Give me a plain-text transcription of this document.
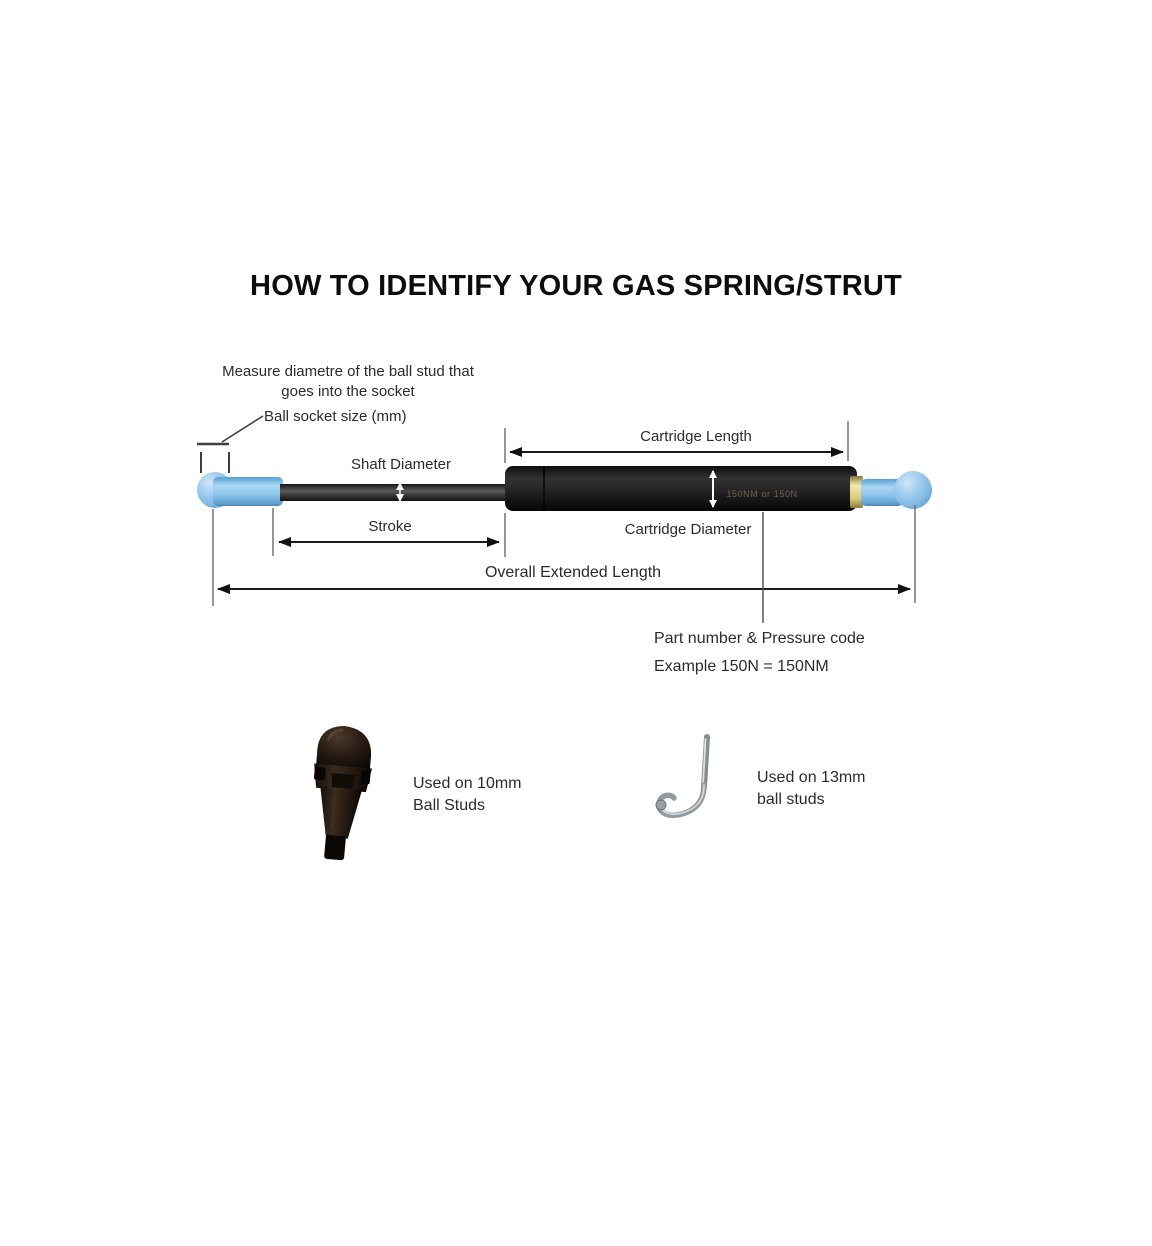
HOW TO IDENTIFY YOUR GAS SPRING/STRUT
Measure diametre of the ball stud that
goes into the socket
Ball socket size (mm)
150NM or 150N
Cartridge Length
Shaft Diameter
Stroke	Cartridge Diameter
Overall Extended Length
Part number & Pressure code
Example 150N = 150NM
Used on 10mm
Ball Studs
Used on 13mm
ball studs
